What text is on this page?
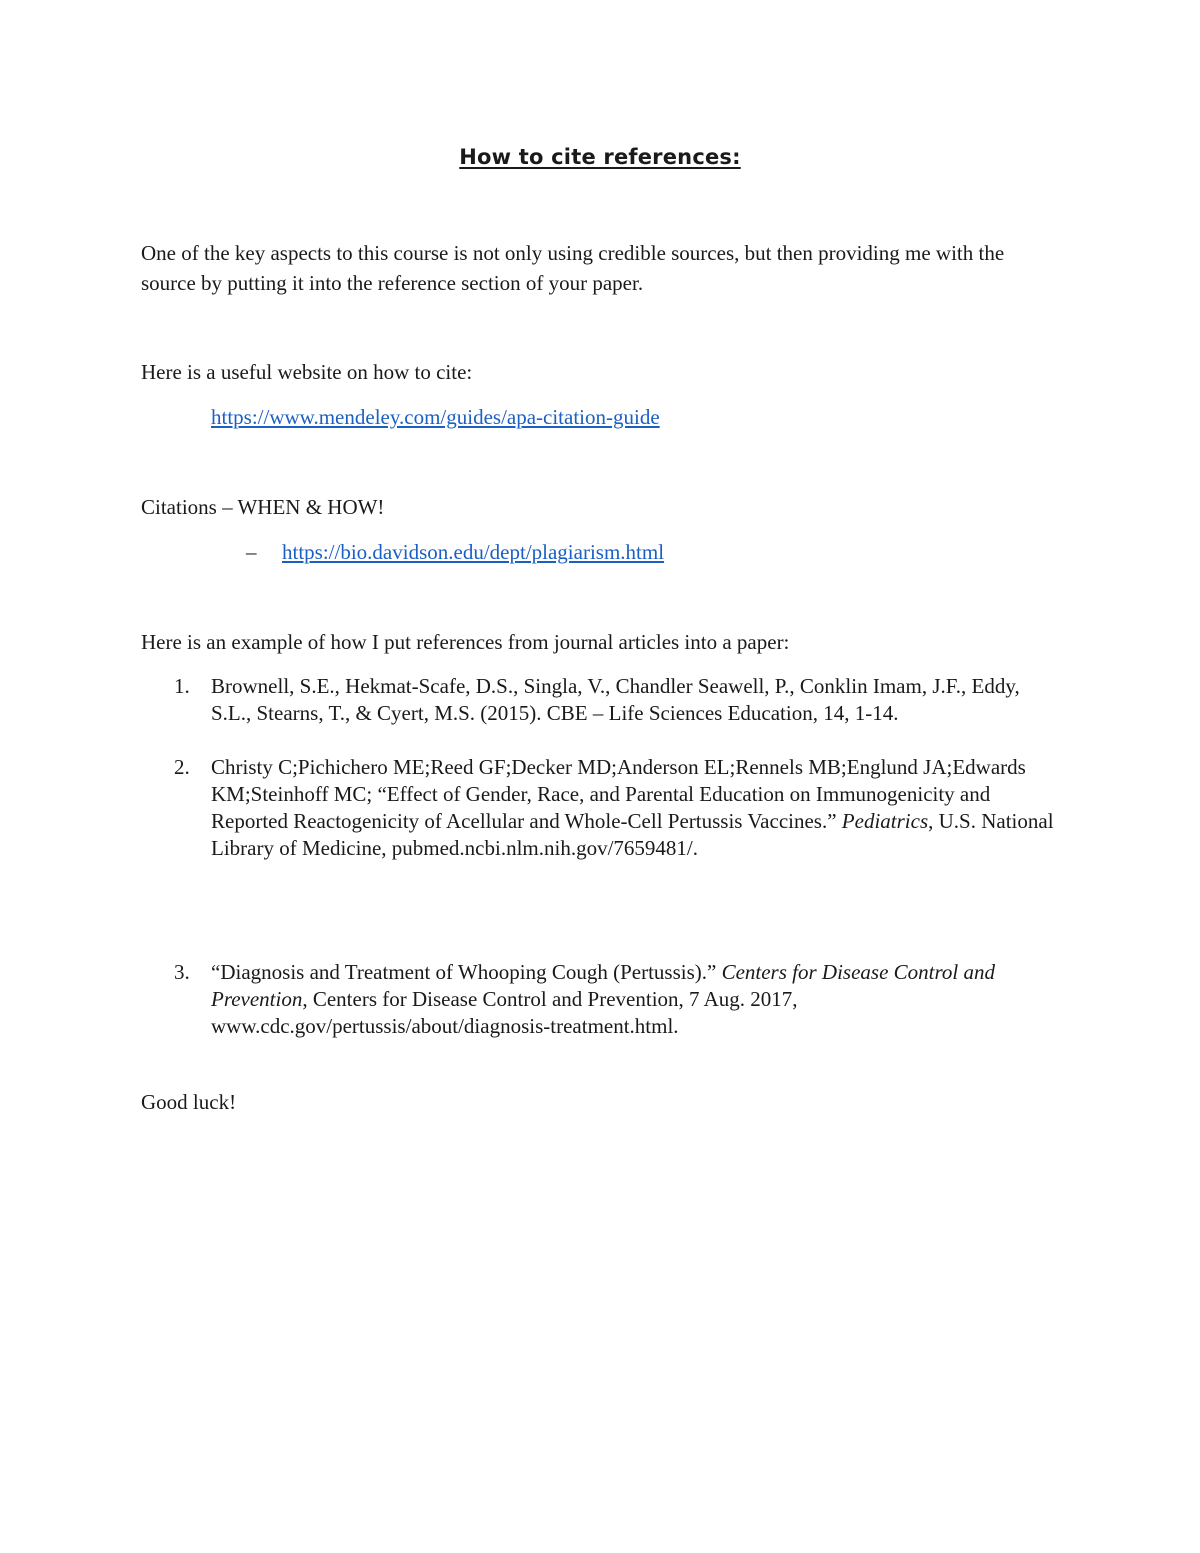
How to cite references:
One of the key aspects to this course is not only using credible sources, but then providing me with the source by putting it into the reference section of your paper.
Here is a useful website on how to cite:
https://www.mendeley.com/guides/apa-citation-guide
Citations – WHEN & HOW!
– https://bio.davidson.edu/dept/plagiarism.html
Here is an example of how I put references from journal articles into a paper:
1.	Brownell, S.E., Hekmat-Scafe, D.S., Singla, V., Chandler Seawell, P., Conklin Imam, J.F., Eddy, S.L., Stearns, T., & Cyert, M.S. (2015). CBE – Life Sciences Education, 14, 1-14.
2.	Christy C;Pichichero ME;Reed GF;Decker MD;Anderson EL;Rennels MB;Englund JA;Edwards KM;Steinhoff MC; “Effect of Gender, Race, and Parental Education on Immunogenicity and Reported Reactogenicity of Acellular and Whole-Cell Pertussis Vaccines.” Pediatrics, U.S. National Library of Medicine, pubmed.ncbi.nlm.nih.gov/7659481/.
3.	“Diagnosis and Treatment of Whooping Cough (Pertussis).” Centers for Disease Control and Prevention, Centers for Disease Control and Prevention, 7 Aug. 2017, www.cdc.gov/pertussis/about/diagnosis-treatment.html.
Good luck!
